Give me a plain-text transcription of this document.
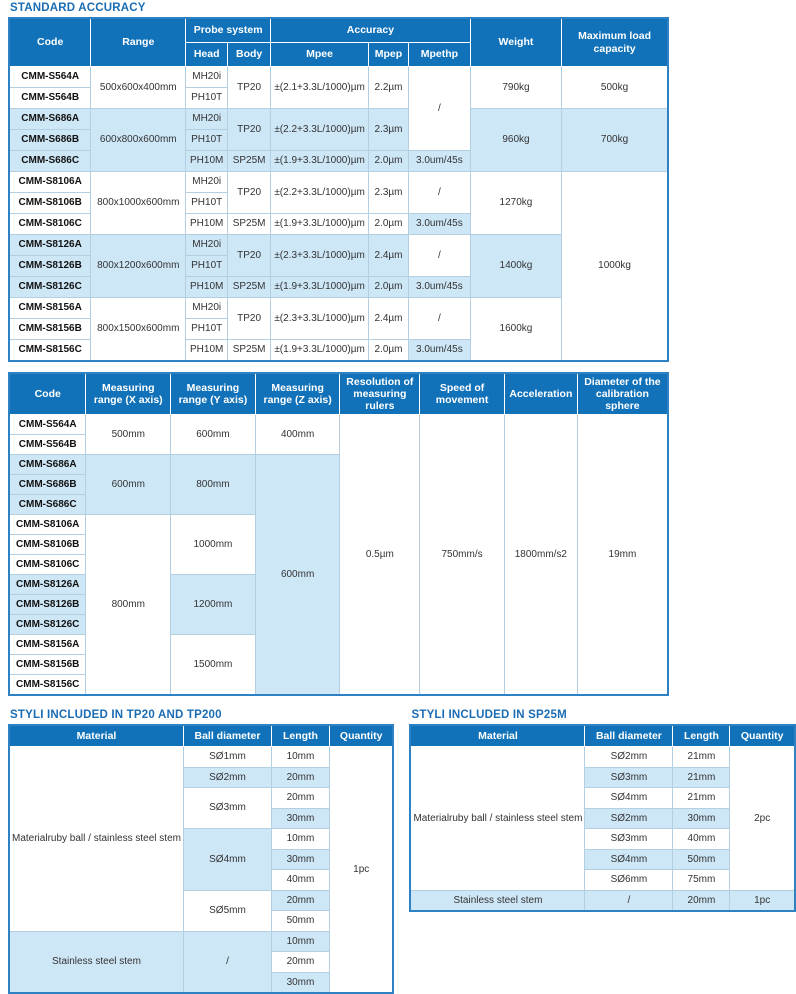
STANDARD ACCURACY
Code	Range	Probe system		Accuracy			Weight	Maximum load capacity
		Head	Body	Mpee	Mpep	Mpethp		
CMM-S564A	500x600x400mm	MH20i	TP20	±(2.1+3.3L/1000)µm	2.2µm	/	790kg	500kg
CMM-S564B		PH10T						
CMM-S686A	600x800x600mm	MH20i	TP20	±(2.2+3.3L/1000)µm	2.3µm		960kg	700kg
CMM-S686B		PH10T						
CMM-S686C		PH10M	SP25M	±(1.9+3.3L/1000)µm	2.0µm	3.0um/45s		
CMM-S8106A	800x1000x600mm	MH20i	TP20	±(2.2+3.3L/1000)µm	2.3µm	/	1270kg	1000kg
CMM-S8106B		PH10T						
CMM-S8106C		PH10M	SP25M	±(1.9+3.3L/1000)µm	2.0µm	3.0um/45s		
CMM-S8126A	800x1200x600mm	MH20i	TP20	±(2.3+3.3L/1000)µm	2.4µm	/	1400kg	
CMM-S8126B		PH10T						
CMM-S8126C		PH10M	SP25M	±(1.9+3.3L/1000)µm	2.0µm	3.0um/45s		
CMM-S8156A	800x1500x600mm	MH20i	TP20	±(2.3+3.3L/1000)µm	2.4µm	/	1600kg	
CMM-S8156B		PH10T						
CMM-S8156C		PH10M	SP25M	±(1.9+3.3L/1000)µm	2.0µm	3.0um/45s		
Code	Measuring range (X axis)	Measuring range (Y axis)	Measuring range (Z axis)	Resolution of measuring rulers	Speed of movement	Acceleration	Diameter of the calibration sphere
CMM-S564A	500mm	600mm	400mm	0.5µm	750mm/s	1800mm/s2	19mm
CMM-S564B							
CMM-S686A	600mm	800mm	600mm				
CMM-S686B							
CMM-S686C							
CMM-S8106A	800mm	1000mm					
CMM-S8106B							
CMM-S8106C							
CMM-S8126A		1200mm					
CMM-S8126B							
CMM-S8126C							
CMM-S8156A		1500mm					
CMM-S8156B							
CMM-S8156C							
STYLI INCLUDED IN TP20 AND TP200
Material	Ball diameter	Length	Quantity
Materialruby ball / stainless steel stem	SØ1mm	10mm	1pc
	SØ2mm	20mm	
	SØ3mm	20mm	
		30mm	
	SØ4mm	10mm	
		30mm	
		40mm	
	SØ5mm	20mm	
		50mm	
Stainless steel stem	/	10mm	
		20mm	
		30mm	
STYLI INCLUDED IN SP25M
Material	Ball diameter	Length	Quantity
Materialruby ball / stainless steel stem	SØ2mm	21mm	2pc
	SØ3mm	21mm	
	SØ4mm	21mm	
	SØ2mm	30mm	
	SØ3mm	40mm	
	SØ4mm	50mm	
	SØ6mm	75mm	
Stainless steel stem	/	20mm	1pc
